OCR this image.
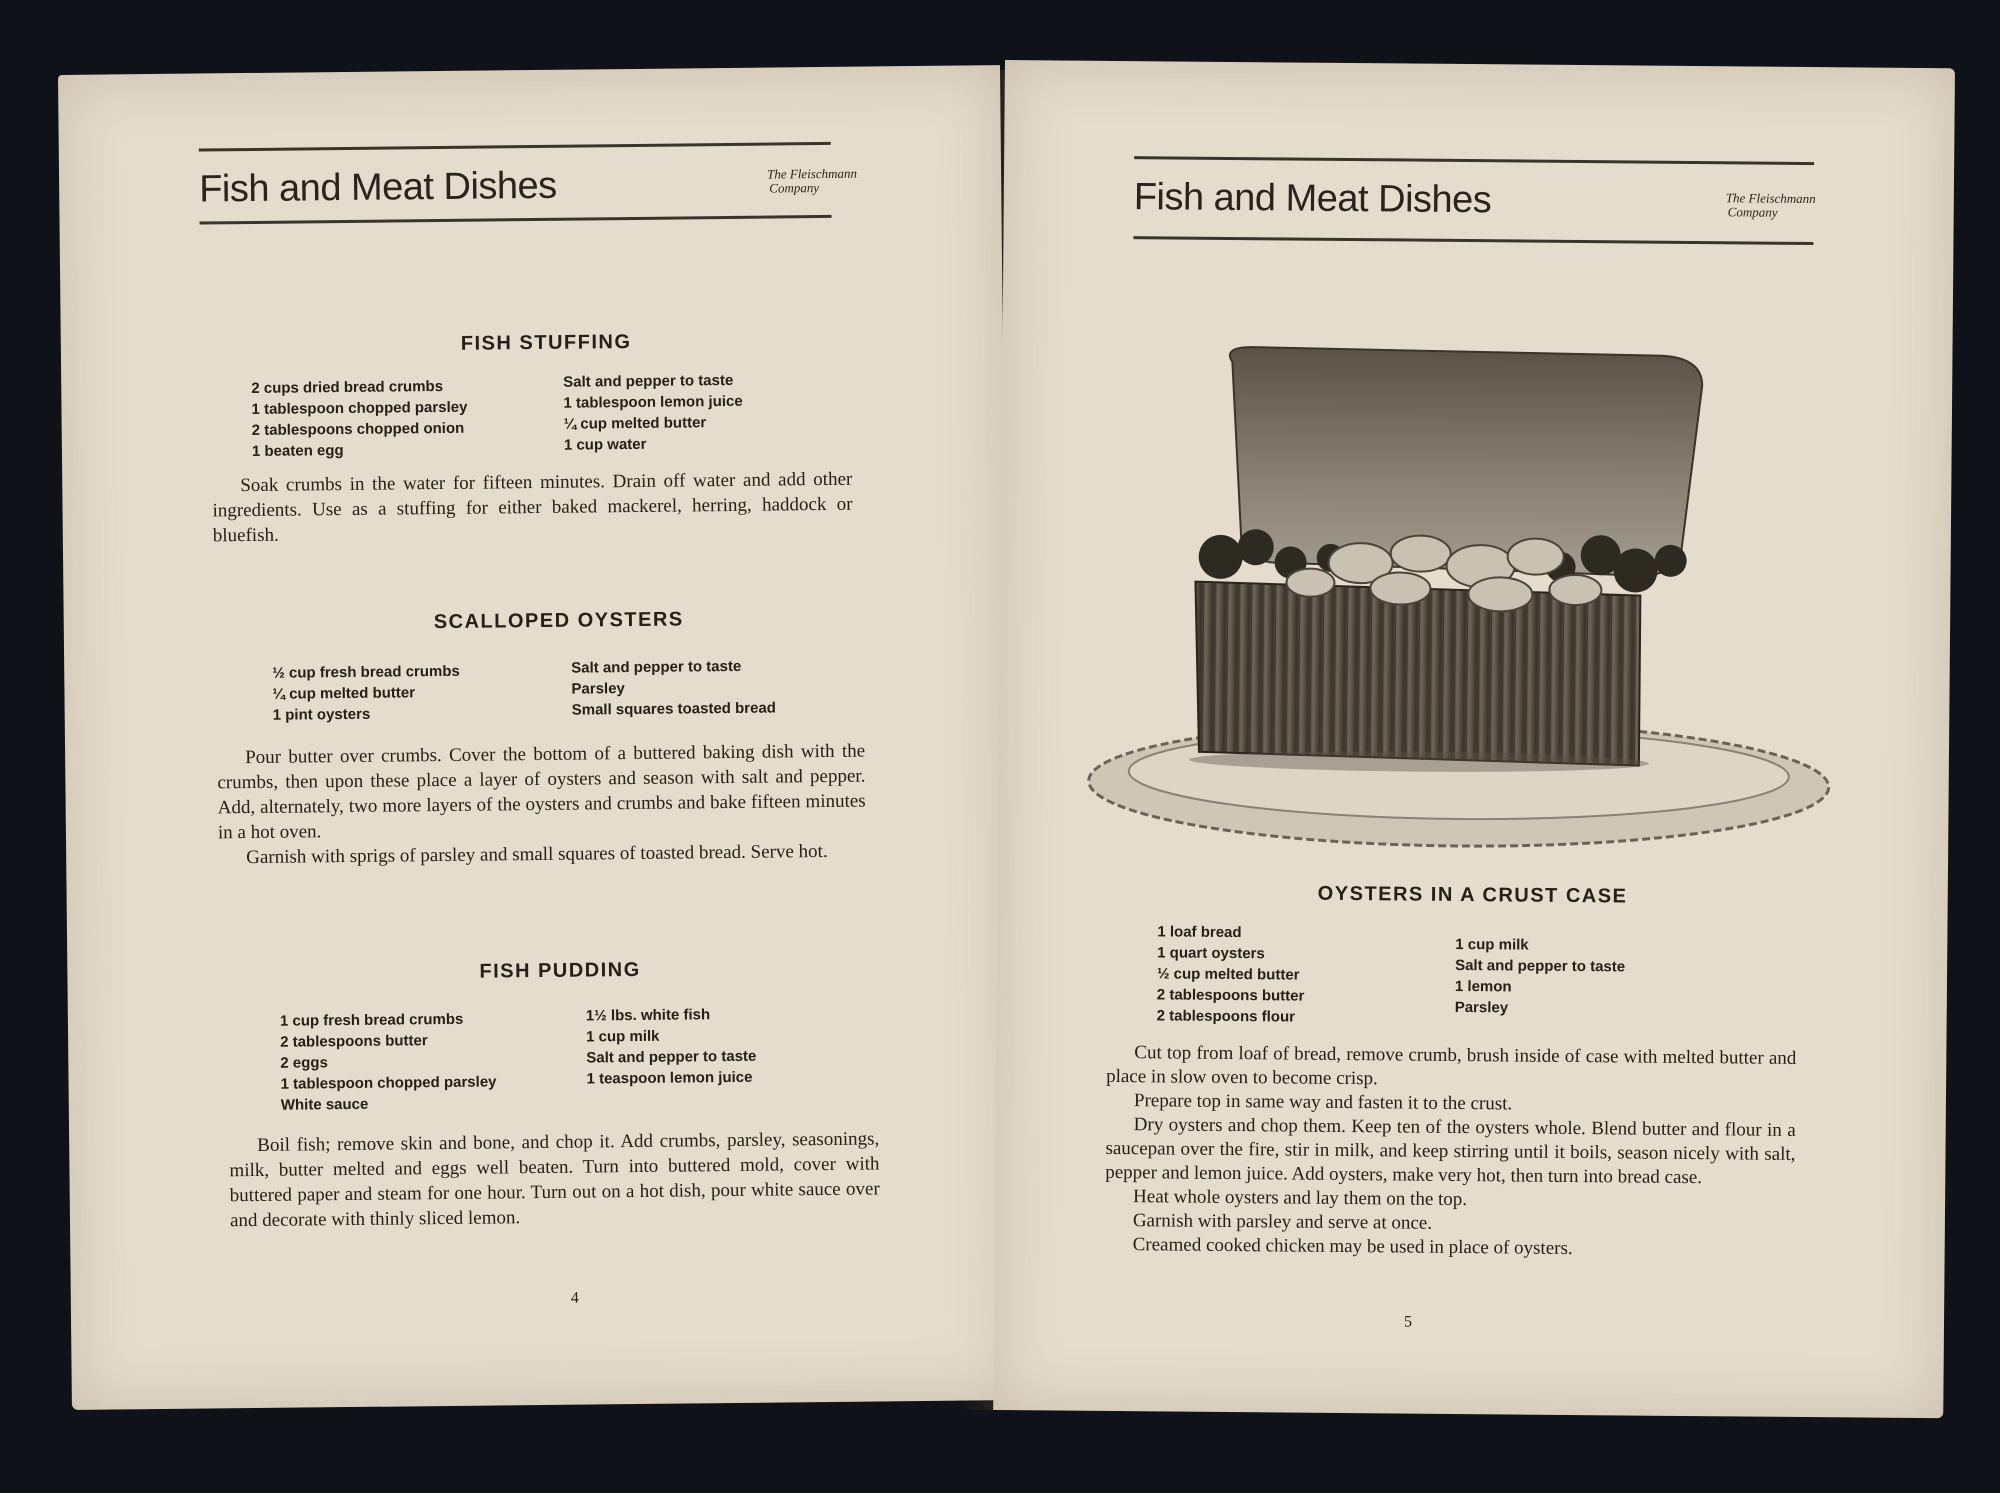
Fish and Meat Dishes	The Fleischmann
Company
FISH STUFFING
2 cups dried bread crumbs
1 tablespoon chopped parsley
2 tablespoons chopped onion
1 beaten egg
Salt and pepper to taste
1 tablespoon lemon juice
¼ cup melted butter
1 cup water

Soak crumbs in the water for fifteen minutes. Drain off water and add other ingredients. Use as a stuffing for either baked mackerel, herring, haddock or bluefish.

SCALLOPED OYSTERS
½ cup fresh bread crumbs
¼ cup melted butter
1 pint oysters
Salt and pepper to taste
Parsley
Small squares toasted bread

Pour butter over crumbs. Cover the bottom of a buttered baking dish with the crumbs, then upon these place a layer of oysters and season with salt and pepper. Add, alternately, two more layers of the oysters and crumbs and bake fifteen minutes in a hot oven.

Garnish with sprigs of parsley and small squares of toasted bread. Serve hot.

FISH PUDDING
1 cup fresh bread crumbs
2 tablespoons butter
2 eggs
1 tablespoon chopped parsley
White sauce
1½ lbs. white fish
1 cup milk
Salt and pepper to taste
1 teaspoon lemon juice

Boil fish; remove skin and bone, and chop it. Add crumbs, parsley, seasonings, milk, butter melted and eggs well beaten. Turn into buttered mold, cover with buttered paper and steam for one hour. Turn out on a hot dish, pour white sauce over and decorate with thinly sliced lemon.

4
Fish and Meat Dishes	The Fleischmann
Company
OYSTERS IN A CRUST CASE
1 loaf bread
1 quart oysters
½ cup melted butter
2 tablespoons butter
2 tablespoons flour
1 cup milk
Salt and pepper to taste
1 lemon
Parsley

Cut top from loaf of bread, remove crumb, brush inside of case with melted butter and place in slow oven to become crisp.

Prepare top in same way and fasten it to the crust.

Dry oysters and chop them. Keep ten of the oysters whole. Blend butter and flour in a saucepan over the fire, stir in milk, and keep stirring until it boils, season nicely with salt, pepper and lemon juice. Add oysters, make very hot, then turn into bread case.

Heat whole oysters and lay them on the top.

Garnish with parsley and serve at once.

Creamed cooked chicken may be used in place of oysters.

5
